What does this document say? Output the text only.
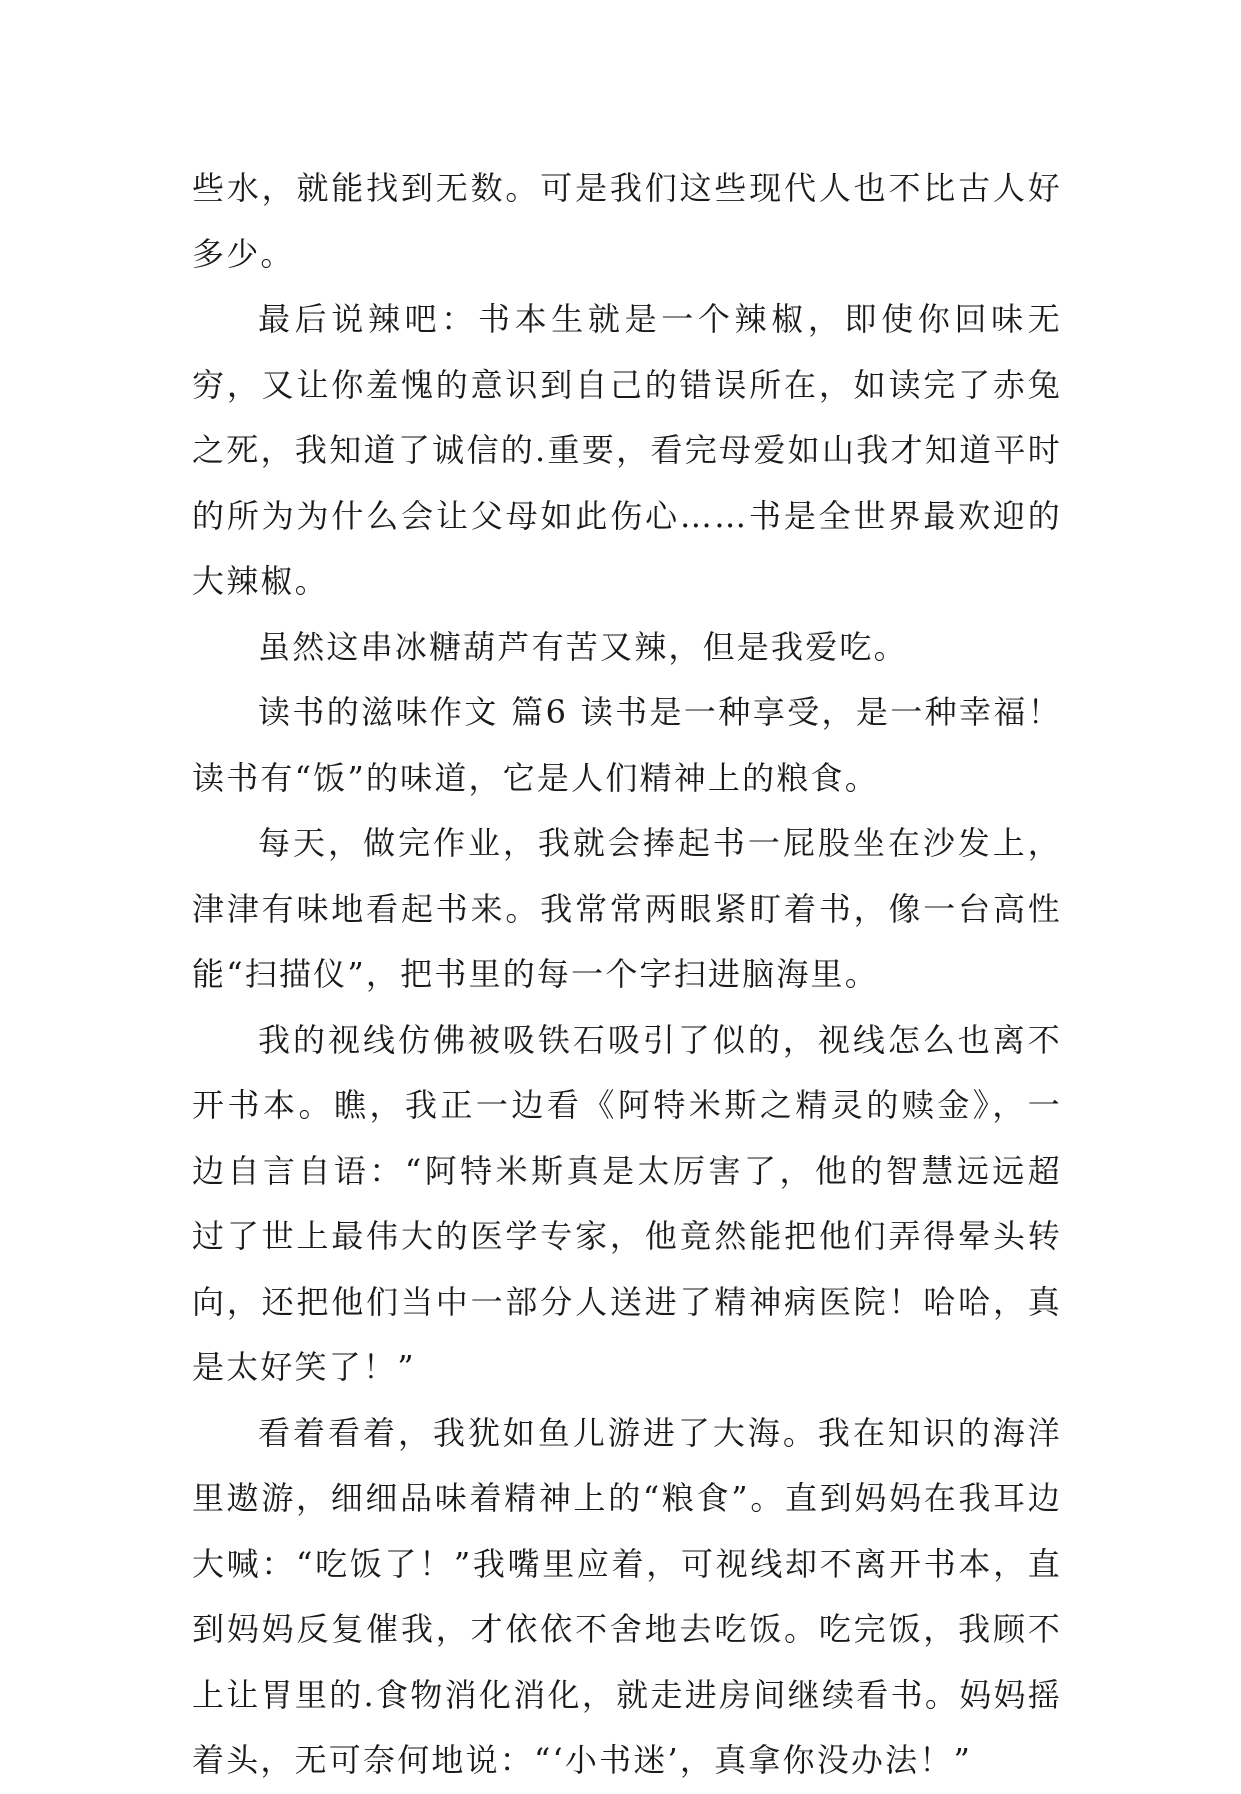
些水，就能找到无数。可是我们这些现代人也不比古人好多少。

最后说辣吧：书本生就是一个辣椒，即使你回味无穷，又让你羞愧的意识到自己的错误所在，如读完了赤兔之死，我知道了诚信的.重要，看完母爱如山我才知道平时的所为为什么会让父母如此伤心……书是全世界最欢迎的大辣椒。

虽然这串冰糖葫芦有苦又辣，但是我爱吃。

读书的滋味作文 篇6 读书是一种享受，是一种幸福！读书有“饭”的味道，它是人们精神上的粮食。

每天，做完作业，我就会捧起书一屁股坐在沙发上，津津有味地看起书来。我常常两眼紧盯着书，像一台高性能“扫描仪”，把书里的每一个字扫进脑海里。

我的视线仿佛被吸铁石吸引了似的，视线怎么也离不开书本。瞧，我正一边看《阿特米斯之精灵的赎金》，一边自言自语：“阿特米斯真是太厉害了，他的智慧远远超过了世上最伟大的医学专家，他竟然能把他们弄得晕头转向，还把他们当中一部分人送进了精神病医院！哈哈，真是太好笑了！”

看着看着，我犹如鱼儿游进了大海。我在知识的海洋里遨游，细细品味着精神上的“粮食”。直到妈妈在我耳边大喊：“吃饭了！”我嘴里应着，可视线却不离开书本，直到妈妈反复催我，才依依不舍地去吃饭。吃完饭，我顾不上让胃里的.食物消化消化，就走进房间继续看书。妈妈摇着头，无可奈何地说：“‘小书迷’，真拿你没办法！”
